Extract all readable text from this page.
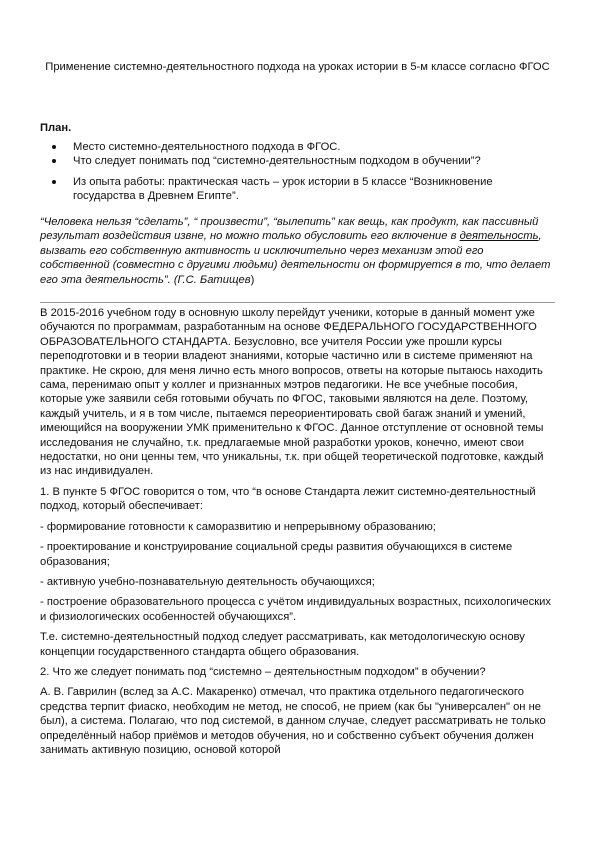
Применение системно-деятельностного подхода на уроках истории в 5-м классе согласно ФГОС
План.
Место системно-деятельностного подхода в ФГОС.
Что следует понимать под “системно-деятельностным подходом в обучении”?
Из опыта работы: практическая часть – урок истории в 5 классе “Возникновение государства в Древнем Египте”.
“Человека нельзя “сделать”, “ произвести”, “вылепить” как вещь, как продукт, как пассивный результат воздействия извне, но можно только обусловить его включение в деятельность, вызвать его собственную активность и исключительно через механизм этой его собственной (совместно с другими людьми) деятельности он формируется в то, что делает его эта деятельность”. (Г.С. Батищев)

В 2015-2016 учебном году в основную школу перейдут ученики, которые в данный момент уже обучаются по программам, разработанным на основе ФЕДЕРАЛЬНОГО ГОСУДАРСТВЕННОГО ОБРАЗОВАТЕЛЬНОГО СТАНДАРТА. Безусловно, все учителя России уже прошли курсы переподготовки и в теории владеют знаниями, которые частично или в системе применяют на практике. Не скрою, для меня лично есть много вопросов, ответы на которые пытаюсь находить сама, перенимаю опыт у коллег и признанных мэтров педагогики. Не все учебные пособия, которые уже заявили себя готовыми обучать по ФГОС, таковыми являются на деле. Поэтому, каждый учитель, и я в том числе, пытаемся переориентировать свой багаж знаний и умений, имеющийся на вооружении УМК применительно к ФГОС. Данное отступление от основной темы исследования не случайно, т.к. предлагаемые мной разработки уроков, конечно, имеют свои недостатки, но они ценны тем, что уникальны, т.к. при общей теоретической подготовке, каждый из нас индивидуален.

1. В пункте 5 ФГОС говорится о том, что “в основе Стандарта лежит системно-деятельностный подход, который обеспечивает:

- формирование готовности к саморазвитию и непрерывному образованию;

- проектирование и конструирование социальной среды развития обучающихся в системе образования;

- активную учебно-познавательную деятельность обучающихся;

- построение образовательного процесса с учётом индивидуальных возрастных, психологических и физиологических особенностей обучающихся”.

Т.е. системно-деятельностный подход следует рассматривать, как методологическую основу концепции государственного стандарта общего образования.

2. Что же следует понимать под “системно – деятельностным подходом” в обучении?

А. В. Гаврилин (вслед за А.С. Макаренко) отмечал, что практика отдельного педагогического средства терпит фиаско, необходим не метод, не способ, не прием (как бы "универсален" он не был), а система. Полагаю, что под системой, в данном случае, следует рассматривать не только определённый набор приёмов и методов обучения, но и собственно субъект обучения должен занимать активную позицию, основой которой
